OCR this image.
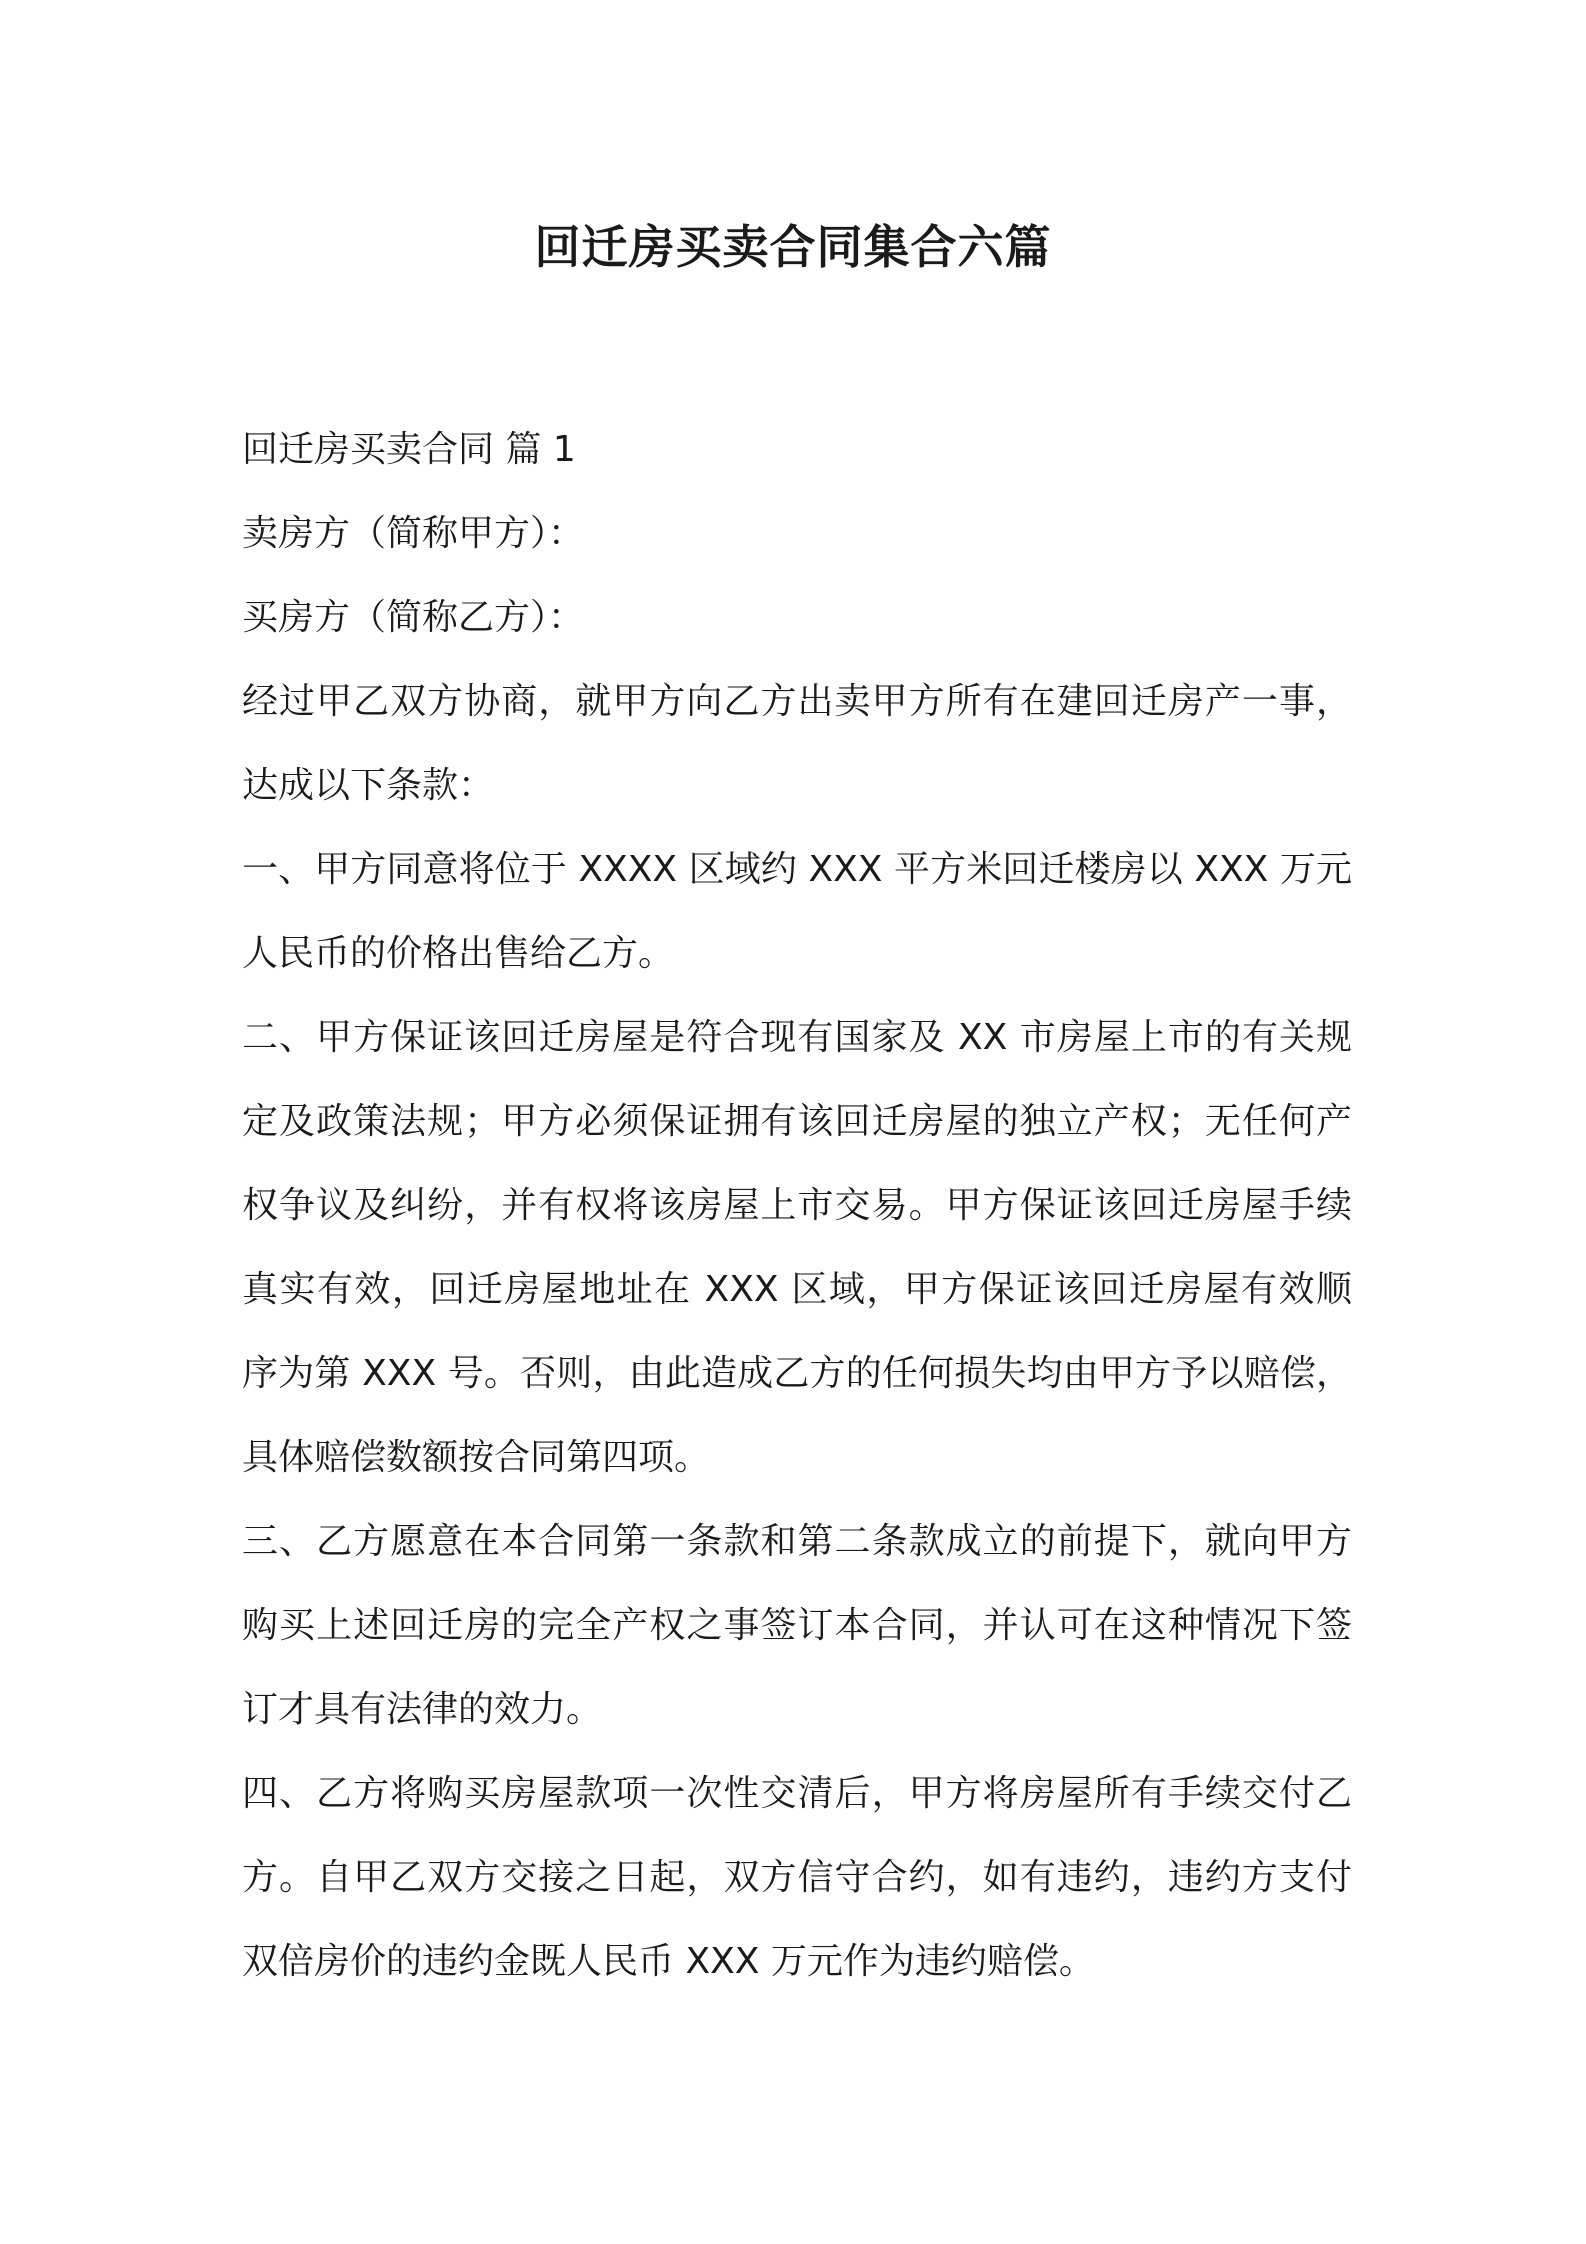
回迁房买卖合同集合六篇
回迁房买卖合同 篇 1
卖房方（简称甲方）：
买房方（简称乙方）：
经过甲乙双方协商，就甲方向乙方出卖甲方所有在建回迁房产一事，
达成以下条款：
一、甲方同意将位于 XXXX 区域约 XXX 平方米回迁楼房以 XXX 万元
人民币的价格出售给乙方。
二、甲方保证该回迁房屋是符合现有国家及 XX 市房屋上市的有关规
定及政策法规；甲方必须保证拥有该回迁房屋的独立产权；无任何产
权争议及纠纷，并有权将该房屋上市交易。甲方保证该回迁房屋手续
真实有效，回迁房屋地址在 XXX 区域，甲方保证该回迁房屋有效顺
序为第 XXX 号。否则，由此造成乙方的任何损失均由甲方予以赔偿，
具体赔偿数额按合同第四项。
三、乙方愿意在本合同第一条款和第二条款成立的前提下，就向甲方
购买上述回迁房的完全产权之事签订本合同，并认可在这种情况下签
订才具有法律的效力。
四、乙方将购买房屋款项一次性交清后，甲方将房屋所有手续交付乙
方。自甲乙双方交接之日起，双方信守合约，如有违约，违约方支付
双倍房价的违约金既人民币 XXX 万元作为违约赔偿。
